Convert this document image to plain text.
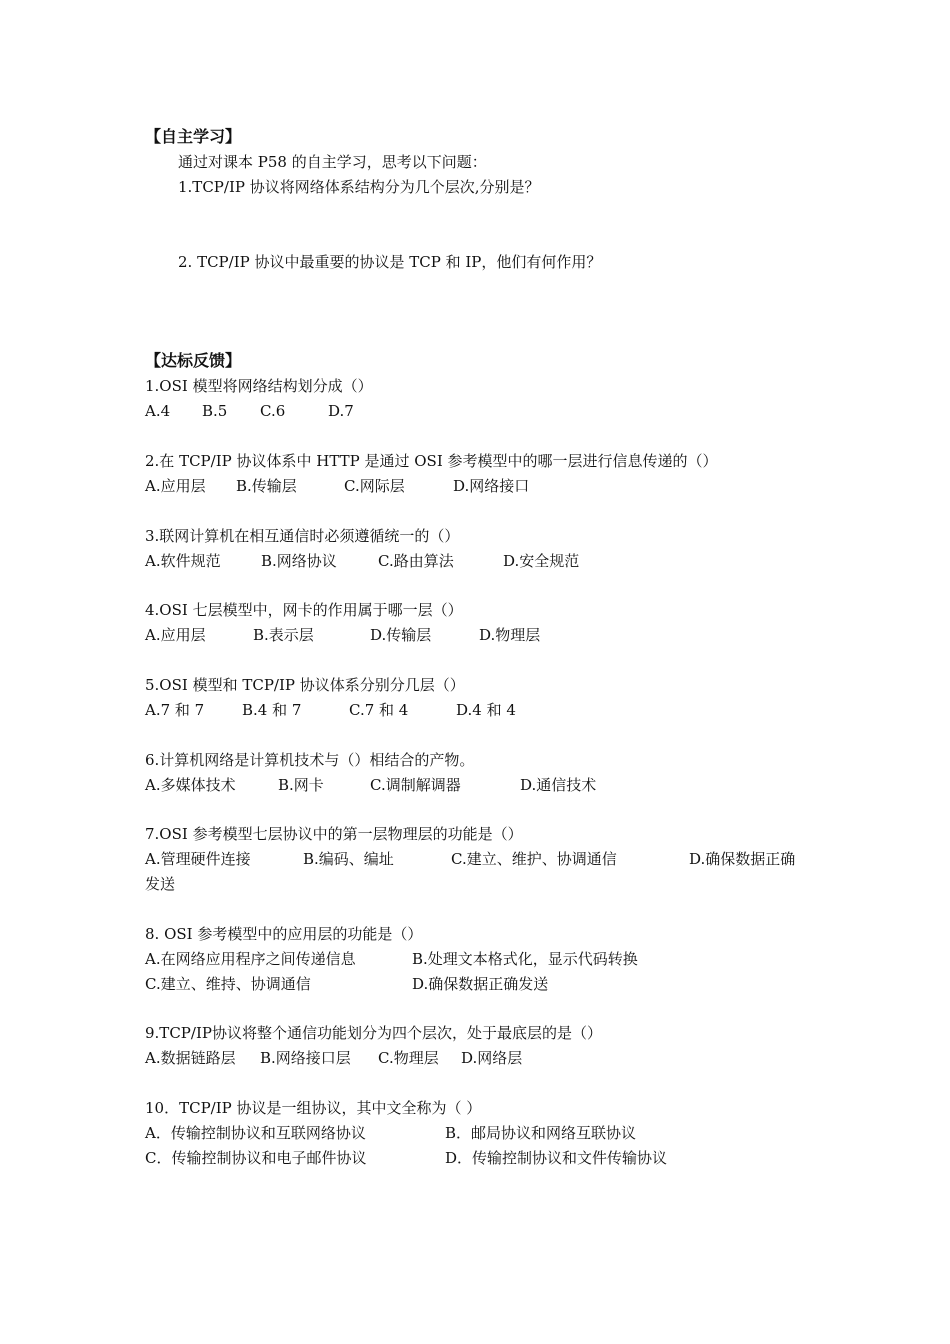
【自主学习】
通过对课本 P58 的自主学习，思考以下问题：
1.TCP/IP 协议将网络体系结构分为几个层次,分别是？
2. TCP/IP 协议中最重要的协议是 TCP 和 IP，他们有何作用？
【达标反馈】
1.OSI 模型将网络结构划分成（）
A.4 B.5 C.6	D.7
2.在 TCP/IP 协议体系中 HTTP 是通过 OSI 参考模型中的哪一层进行信息传递的（）
A.应用层 B.传输层	C.网际层	D.网络接口
3.联网计算机在相互通信时必须遵循统一的（）
A.软件规范	B.网络协议	C.路由算法	D.安全规范
4.OSI 七层模型中，网卡的作用属于哪一层（）
A.应用层	B.表示层	D.传输层	D.物理层
5.OSI 模型和 TCP/IP 协议体系分别分几层（）
A.7 和 7	B.4 和 7	C.7 和 4	D.4 和 4
6.计算机网络是计算机技术与（）相结合的产物。
A.多媒体技术	B.网卡	C.调制解调器	D.通信技术
7.OSI 参考模型七层协议中的第一层物理层的功能是（）
A.管理硬件连接	B.编码、编址	C.建立、维护、协调通信	D.确保数据正确
发送
8. OSI 参考模型中的应用层的功能是（）
A.在网络应用程序之间传递信息	B.处理文本格式化，显示代码转换
C.建立、维持、协调通信	D.确保数据正确发送
9.TCP/IP协议将整个通信功能划分为四个层次，处于最底层的是（）
A.数据链路层 B.网络接口层 C.物理层 D.网络层
10．TCP/IP 协议是一组协议，其中文全称为（ ）
A．传输控制协议和互联网络协议	B．邮局协议和网络互联协议
C．传输控制协议和电子邮件协议	D．传输控制协议和文件传输协议
